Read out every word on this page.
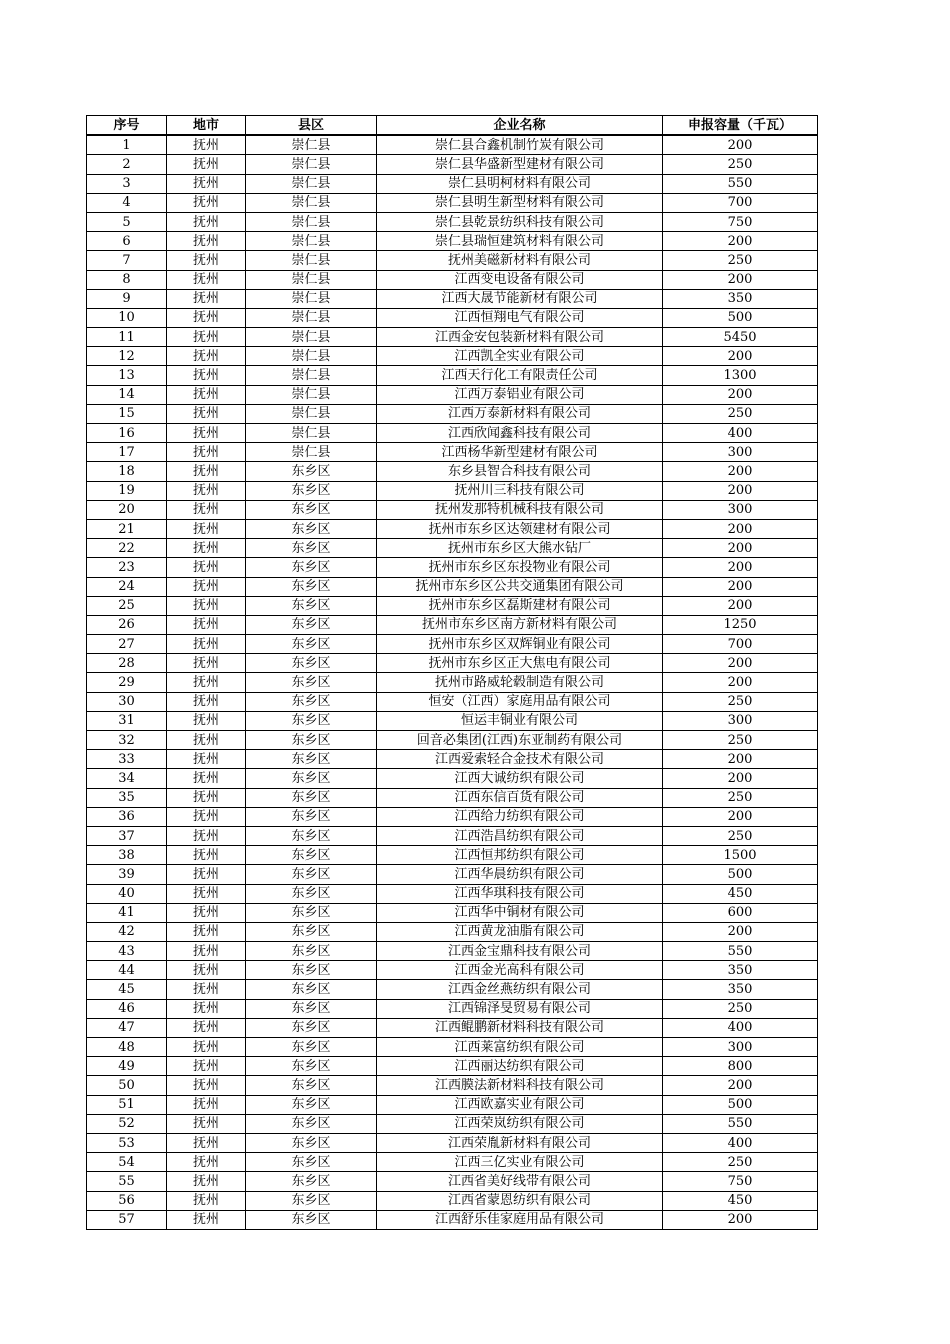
序号	地市	县区	企业名称	申报容量（千瓦）
1	抚州	崇仁县	崇仁县合鑫机制竹炭有限公司	200
2	抚州	崇仁县	崇仁县华盛新型建材有限公司	250
3	抚州	崇仁县	崇仁县明柯材料有限公司	550
4	抚州	崇仁县	崇仁县明生新型材料有限公司	700
5	抚州	崇仁县	崇仁县乾景纺织科技有限公司	750
6	抚州	崇仁县	崇仁县瑞恒建筑材料有限公司	200
7	抚州	崇仁县	抚州美磁新材料有限公司	250
8	抚州	崇仁县	江西变电设备有限公司	200
9	抚州	崇仁县	江西大晟节能新材有限公司	350
10	抚州	崇仁县	江西恒翔电气有限公司	500
11	抚州	崇仁县	江西金安包装新材料有限公司	5450
12	抚州	崇仁县	江西凯全实业有限公司	200
13	抚州	崇仁县	江西天行化工有限责任公司	1300
14	抚州	崇仁县	江西万泰铝业有限公司	200
15	抚州	崇仁县	江西万泰新材料有限公司	250
16	抚州	崇仁县	江西欣闻鑫科技有限公司	400
17	抚州	崇仁县	江西杨华新型建材有限公司	300
18	抚州	东乡区	东乡县智合科技有限公司	200
19	抚州	东乡区	抚州川三科技有限公司	200
20	抚州	东乡区	抚州发那特机械科技有限公司	300
21	抚州	东乡区	抚州市东乡区达领建材有限公司	200
22	抚州	东乡区	抚州市东乡区大熊水钻厂	200
23	抚州	东乡区	抚州市东乡区东投物业有限公司	200
24	抚州	东乡区	抚州市东乡区公共交通集团有限公司	200
25	抚州	东乡区	抚州市东乡区磊斯建材有限公司	200
26	抚州	东乡区	抚州市东乡区南方新材料有限公司	1250
27	抚州	东乡区	抚州市东乡区双辉铜业有限公司	700
28	抚州	东乡区	抚州市东乡区正大焦电有限公司	200
29	抚州	东乡区	抚州市路威轮毂制造有限公司	200
30	抚州	东乡区	恒安（江西）家庭用品有限公司	250
31	抚州	东乡区	恒运丰铜业有限公司	300
32	抚州	东乡区	回音必集团(江西)东亚制药有限公司	250
33	抚州	东乡区	江西爱索轻合金技术有限公司	200
34	抚州	东乡区	江西大诚纺织有限公司	200
35	抚州	东乡区	江西东信百货有限公司	250
36	抚州	东乡区	江西给力纺织有限公司	200
37	抚州	东乡区	江西浩昌纺织有限公司	250
38	抚州	东乡区	江西恒邦纺织有限公司	1500
39	抚州	东乡区	江西华晨纺织有限公司	500
40	抚州	东乡区	江西华琪科技有限公司	450
41	抚州	东乡区	江西华中铜材有限公司	600
42	抚州	东乡区	江西黄龙油脂有限公司	200
43	抚州	东乡区	江西金宝鼎科技有限公司	550
44	抚州	东乡区	江西金光高科有限公司	350
45	抚州	东乡区	江西金丝燕纺织有限公司	350
46	抚州	东乡区	江西锦泽旻贸易有限公司	250
47	抚州	东乡区	江西鲲鹏新材料科技有限公司	400
48	抚州	东乡区	江西莱富纺织有限公司	300
49	抚州	东乡区	江西丽达纺织有限公司	800
50	抚州	东乡区	江西膜法新材料科技有限公司	200
51	抚州	东乡区	江西欧嘉实业有限公司	500
52	抚州	东乡区	江西荣岚纺织有限公司	550
53	抚州	东乡区	江西荣胤新材料有限公司	400
54	抚州	东乡区	江西三亿实业有限公司	250
55	抚州	东乡区	江西省美好线带有限公司	750
56	抚州	东乡区	江西省蒙恩纺织有限公司	450
57	抚州	东乡区	江西舒乐佳家庭用品有限公司	200
